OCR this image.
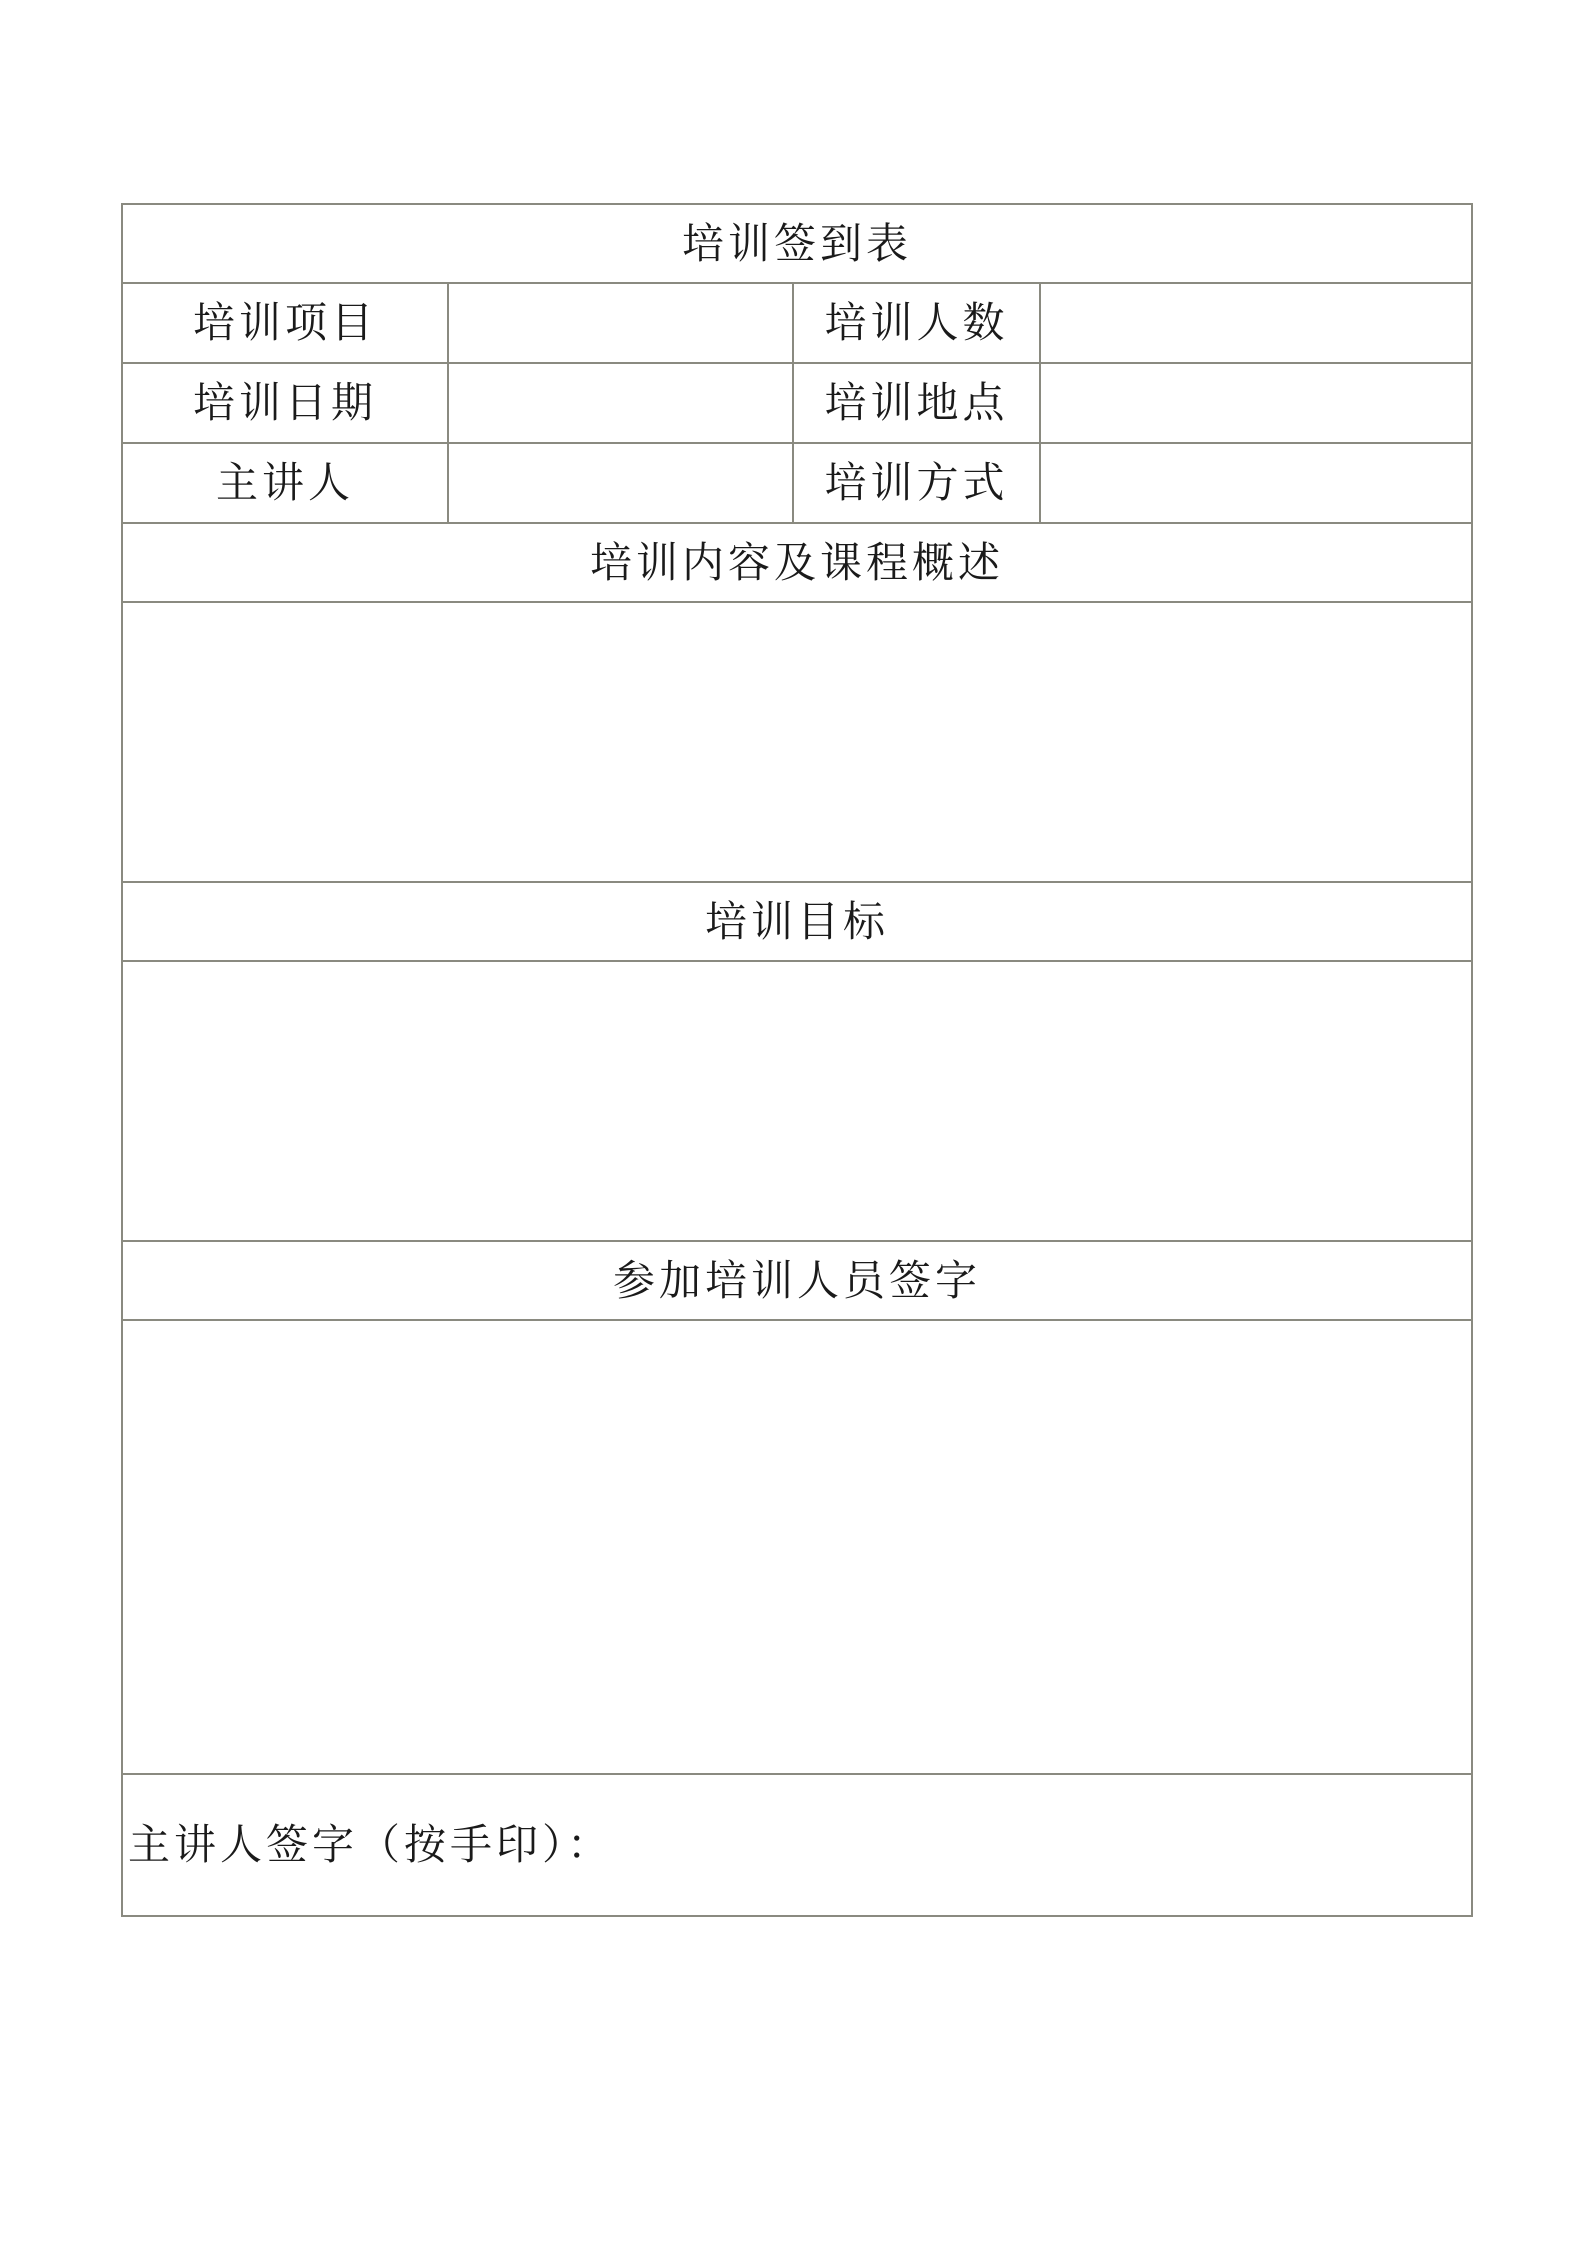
培训签到表			
培训项目		培训人数	
培训日期		培训地点	
主讲人		培训方式	
培训内容及课程概述			

培训目标			

参加培训人员签字			

主讲人签字（按手印）：			
